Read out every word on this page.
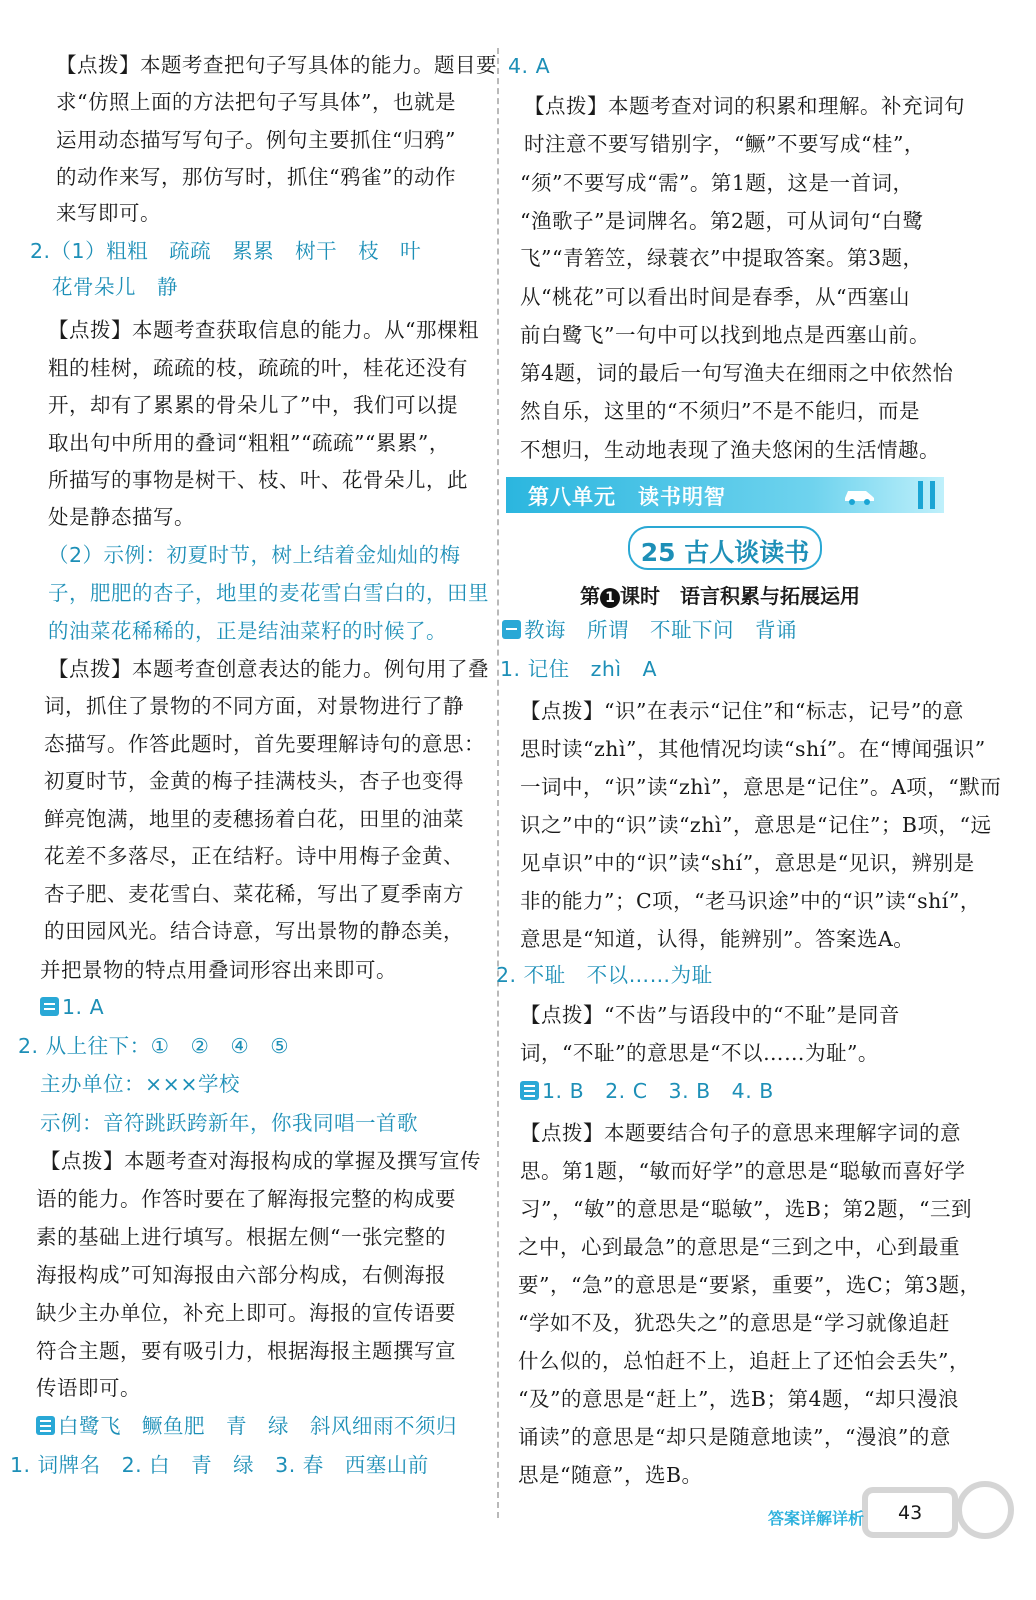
【点拨】本题考查把句子写具体的能力。题目要
求“仿照上面的方法把句子写具体”，也就是
运用动态描写写句子。例句主要抓住“归鸦”
的动作来写，那仿写时，抓住“鸦雀”的动作
来写即可。
2.（1）粗粗　疏疏　累累　树干　枝　叶
花骨朵儿　静
【点拨】本题考查获取信息的能力。从“那棵粗
粗的桂树，疏疏的枝，疏疏的叶，桂花还没有
开，却有了累累的骨朵儿了”中，我们可以提
取出句中所用的叠词“粗粗”“疏疏”“累累”，
所描写的事物是树干、枝、叶、花骨朵儿，此
处是静态描写。
（2）示例：初夏时节，树上结着金灿灿的梅
子，肥肥的杏子，地里的麦花雪白雪白的，田里
的油菜花稀稀的，正是结油菜籽的时候了。
【点拨】本题考查创意表达的能力。例句用了叠
词，抓住了景物的不同方面，对景物进行了静
态描写。作答此题时，首先要理解诗句的意思：
初夏时节，金黄的梅子挂满枝头，杏子也变得
鲜亮饱满，地里的麦穗扬着白花，田里的油菜
花差不多落尽，正在结籽。诗中用梅子金黄、
杏子肥、麦花雪白、菜花稀，写出了夏季南方
的田园风光。结合诗意，写出景物的静态美，
并把景物的特点用叠词形容出来即可。
1. A
2. 从上往下：①　②　④　⑤
主办单位：×××学校
示例：音符跳跃跨新年，你我同唱一首歌
【点拨】本题考查对海报构成的掌握及撰写宣传
语的能力。作答时要在了解海报完整的构成要
素的基础上进行填写。根据左侧“一张完整的
海报构成”可知海报由六部分构成，右侧海报
缺少主办单位，补充上即可。海报的宣传语要
符合主题，要有吸引力，根据海报主题撰写宣
传语即可。
白鹭飞　鳜鱼肥　青　绿　斜风细雨不须归
1. 词牌名　2. 白　青　绿　3. 春　西塞山前
4. A
【点拨】本题考查对词的积累和理解。补充词句
时注意不要写错别字，“鳜”不要写成“桂”，
“须”不要写成“需”。第1题，这是一首词，
“渔歌子”是词牌名。第2题，可从词句“白鹭
飞”“青箬笠，绿蓑衣”中提取答案。第3题，
从“桃花”可以看出时间是春季，从“西塞山
前白鹭飞”一句中可以找到地点是西塞山前。
第4题，词的最后一句写渔夫在细雨之中依然怡
然自乐，这里的“不须归”不是不能归，而是
不想归，生动地表现了渔夫悠闲的生活情趣。
教诲　所谓　不耻下问　背诵
1. 记住　zhì　A
【点拨】“识”在表示“记住”和“标志，记号”的意
思时读“zhì”，其他情况均读“shí”。在“博闻强识”
一词中，“识”读“zhì”，意思是“记住”。A项，“默而
识之”中的“识”读“zhì”，意思是“记住”；B项，“远
见卓识”中的“识”读“shí”，意思是“见识，辨别是
非的能力”；C项，“老马识途”中的“识”读“shí”，
意思是“知道，认得，能辨别”。答案选A。
2. 不耻　不以……为耻
【点拨】“不齿”与语段中的“不耻”是同音
词，“不耻”的意思是“不以……为耻”。
1. B　2. C　3. B　4. B
【点拨】本题要结合句子的意思来理解字词的意
思。第1题，“敏而好学”的意思是“聪敏而喜好学
习”，“敏”的意思是“聪敏”，选B；第2题，“三到
之中，心到最急”的意思是“三到之中，心到最重
要”，“急”的意思是“要紧，重要”，选C；第3题，
“学如不及，犹恐失之”的意思是“学习就像追赶
什么似的，总怕赶不上，追赶上了还怕会丢失”，
“及”的意思是“赶上”，选B；第4题，“却只漫浪
诵读”的意思是“却只是随意地读”，“漫浪”的意
思是“随意”，选B。
第八单元　读书明智
25 古人谈读书
第 1 课时　语言积累与拓展运用
答案详解详析 43
